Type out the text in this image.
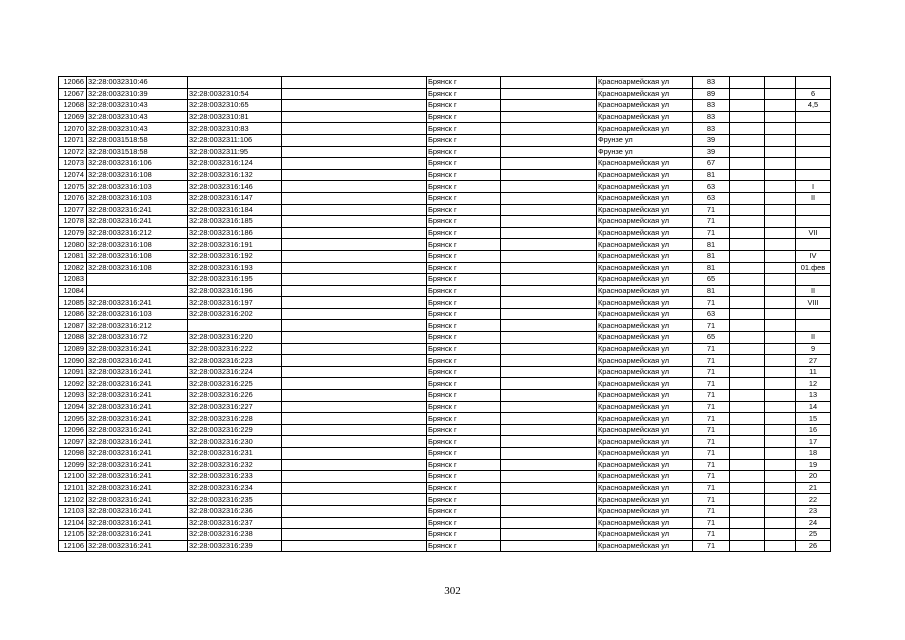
12066	32:28:0032310:46			Брянск г		Красноармейская ул	83			
12067	32:28:0032310:39	32:28:0032310:54		Брянск г		Красноармейская ул	89			6
12068	32:28:0032310:43	32:28:0032310:65		Брянск г		Красноармейская ул	83			4,5
12069	32:28:0032310:43	32:28:0032310:81		Брянск г		Красноармейская ул	83			
12070	32:28:0032310:43	32:28:0032310:83		Брянск г		Красноармейская ул	83			
12071	32:28:0031518:58	32:28:0032311:106		Брянск г		Фрунзе ул	39			
12072	32:28:0031518:58	32:28:0032311:95		Брянск г		Фрунзе ул	39			
12073	32:28:0032316:106	32:28:0032316:124		Брянск г		Красноармейская ул	67			
12074	32:28:0032316:108	32:28:0032316:132		Брянск г		Красноармейская ул	81			
12075	32:28:0032316:103	32:28:0032316:146		Брянск г		Красноармейская ул	63			I
12076	32:28:0032316:103	32:28:0032316:147		Брянск г		Красноармейская ул	63			II
12077	32:28:0032316:241	32:28:0032316:184		Брянск г		Красноармейская ул	71			
12078	32:28:0032316:241	32:28:0032316:185		Брянск г		Красноармейская ул	71			
12079	32:28:0032316:212	32:28:0032316:186		Брянск г		Красноармейская ул	71			VII
12080	32:28:0032316:108	32:28:0032316:191		Брянск г		Красноармейская ул	81			
12081	32:28:0032316:108	32:28:0032316:192		Брянск г		Красноармейская ул	81			IV
12082	32:28:0032316:108	32:28:0032316:193		Брянск г		Красноармейская ул	81			01.фев
12083		32:28:0032316:195		Брянск г		Красноармейская ул	65			
12084		32:28:0032316:196		Брянск г		Красноармейская ул	81			II
12085	32:28:0032316:241	32:28:0032316:197		Брянск г		Красноармейская ул	71			VIII
12086	32:28:0032316:103	32:28:0032316:202		Брянск г		Красноармейская ул	63			
12087	32:28:0032316:212			Брянск г		Красноармейская ул	71			
12088	32:28:0032316:72	32:28:0032316:220		Брянск г		Красноармейская ул	65			II
12089	32:28:0032316:241	32:28:0032316:222		Брянск г		Красноармейская ул	71			9
12090	32:28:0032316:241	32:28:0032316:223		Брянск г		Красноармейская ул	71			27
12091	32:28:0032316:241	32:28:0032316:224		Брянск г		Красноармейская ул	71			11
12092	32:28:0032316:241	32:28:0032316:225		Брянск г		Красноармейская ул	71			12
12093	32:28:0032316:241	32:28:0032316:226		Брянск г		Красноармейская ул	71			13
12094	32:28:0032316:241	32:28:0032316:227		Брянск г		Красноармейская ул	71			14
12095	32:28:0032316:241	32:28:0032316:228		Брянск г		Красноармейская ул	71			15
12096	32:28:0032316:241	32:28:0032316:229		Брянск г		Красноармейская ул	71			16
12097	32:28:0032316:241	32:28:0032316:230		Брянск г		Красноармейская ул	71			17
12098	32:28:0032316:241	32:28:0032316:231		Брянск г		Красноармейская ул	71			18
12099	32:28:0032316:241	32:28:0032316:232		Брянск г		Красноармейская ул	71			19
12100	32:28:0032316:241	32:28:0032316:233		Брянск г		Красноармейская ул	71			20
12101	32:28:0032316:241	32:28:0032316:234		Брянск г		Красноармейская ул	71			21
12102	32:28:0032316:241	32:28:0032316:235		Брянск г		Красноармейская ул	71			22
12103	32:28:0032316:241	32:28:0032316:236		Брянск г		Красноармейская ул	71			23
12104	32:28:0032316:241	32:28:0032316:237		Брянск г		Красноармейская ул	71			24
12105	32:28:0032316:241	32:28:0032316:238		Брянск г		Красноармейская ул	71			25
12106	32:28:0032316:241	32:28:0032316:239		Брянск г		Красноармейская ул	71			26
302
